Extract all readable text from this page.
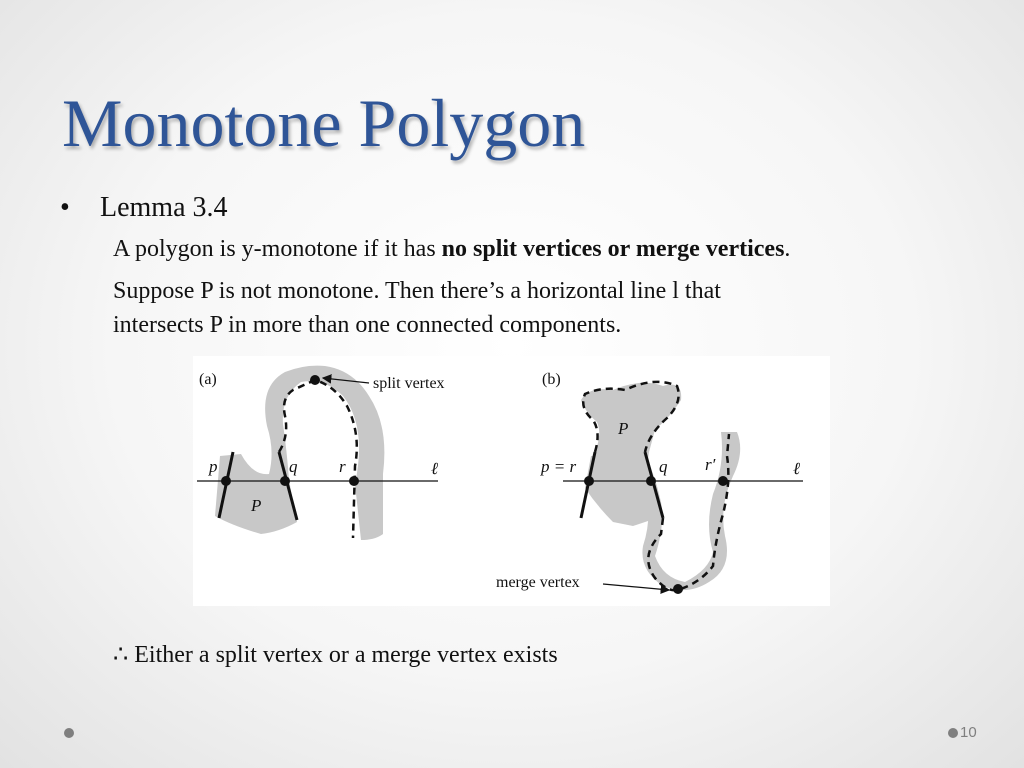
Monotone Polygon
• Lemma 3.4
A polygon is y-monotone if it has no split vertices or merge vertices.
Suppose P is not monotone. Then there’s a horizontal line l that
intersects P in more than one connected components.
(a)	split vertex
p	q r	ℓ
P
(b)
merge vertex
p = r	q r′	ℓ
P
∴ Either a split vertex or a merge vertex exists
10
